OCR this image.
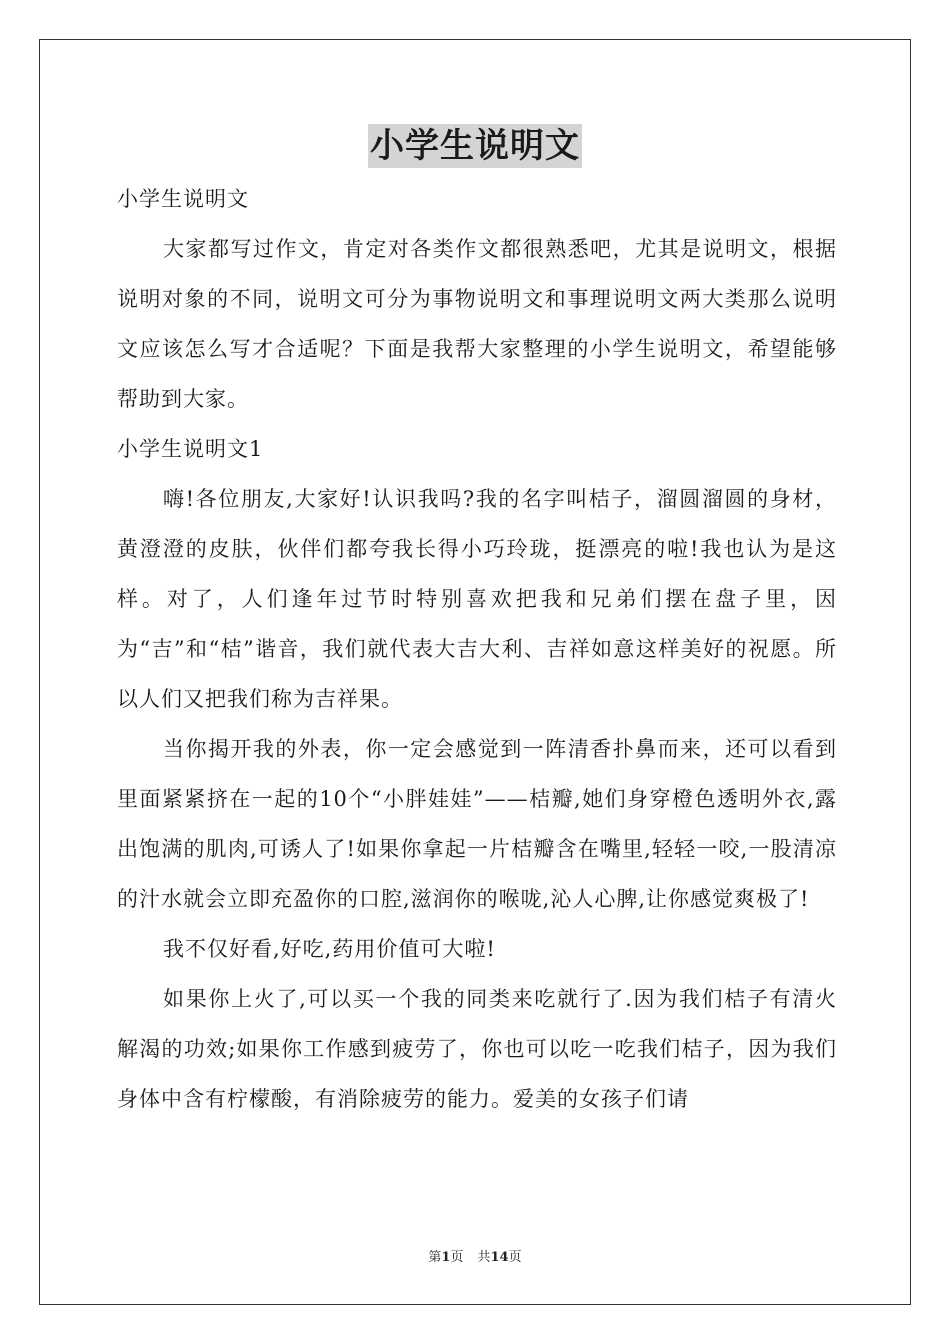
小学生说明文

小学生说明文

大家都写过作文，肯定对各类作文都很熟悉吧，尤其是说明文，根据说明对象的不同，说明文可分为事物说明文和事理说明文两大类那么说明文应该怎么写才合适呢？下面是我帮大家整理的小学生说明文，希望能够帮助到大家。

小学生说明文1

嗨!各位朋友,大家好!认识我吗?我的名字叫桔子，溜圆溜圆的身材，黄澄澄的皮肤，伙伴们都夸我长得小巧玲珑，挺漂亮的啦!我也认为是这样。对了，人们逢年过节时特别喜欢把我和兄弟们摆在盘子里，因为“吉”和“桔”谐音，我们就代表大吉大利、吉祥如意这样美好的祝愿。所以人们又把我们称为吉祥果。

当你揭开我的外表，你一定会感觉到一阵清香扑鼻而来，还可以看到里面紧紧挤在一起的10个“小胖娃娃”——桔瓣,她们身穿橙色透明外衣,露出饱满的肌肉,可诱人了!如果你拿起一片桔瓣含在嘴里,轻轻一咬,一股清凉的汁水就会立即充盈你的口腔,滋润你的喉咙,沁人心脾,让你感觉爽极了!

我不仅好看,好吃,药用价值可大啦!

如果你上火了,可以买一个我的同类来吃就行了.因为我们桔子有清火解渴的功效;如果你工作感到疲劳了，你也可以吃一吃我们桔子，因为我们身体中含有柠檬酸，有消除疲劳的能力。爱美的女孩子们请

第1页 共14页
